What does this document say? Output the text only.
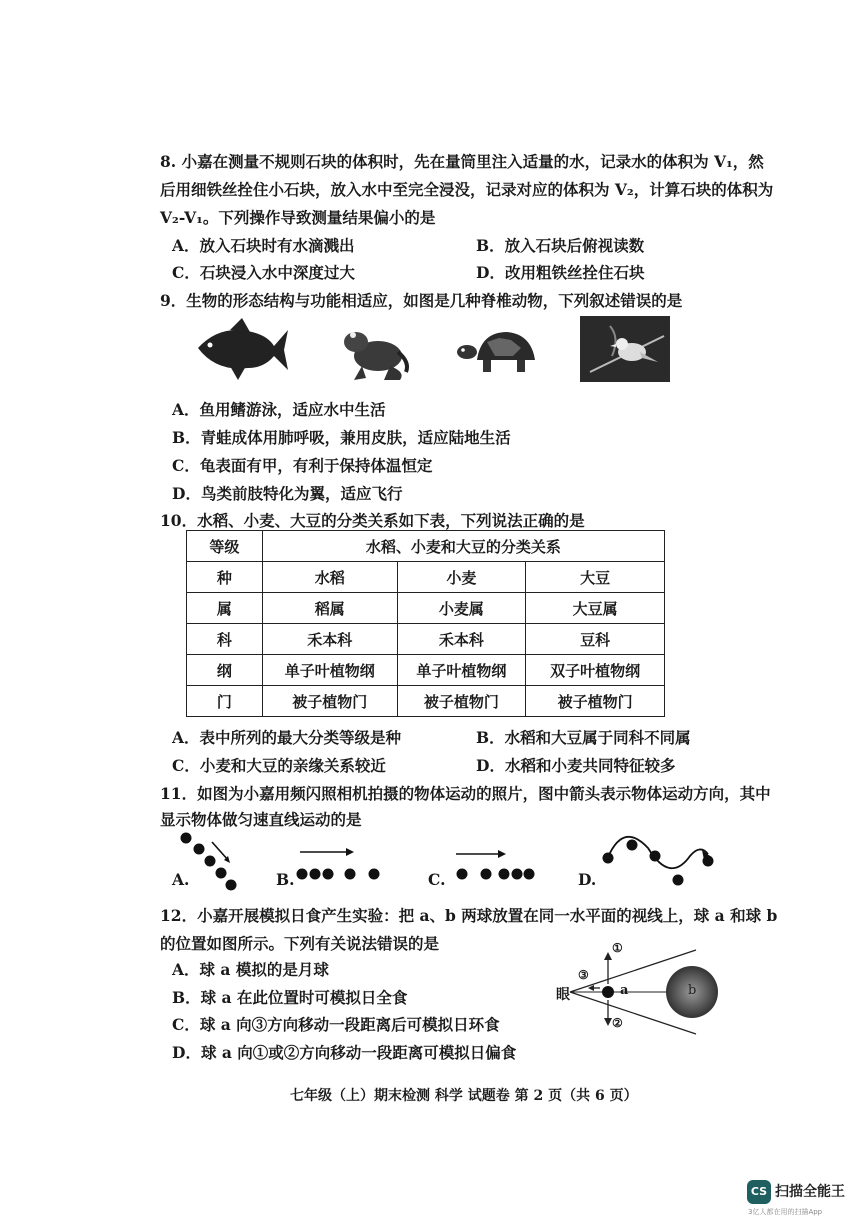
8. 小嘉在测量不规则石块的体积时，先在量筒里注入适量的水，记录水的体积为 V₁，然
后用细铁丝拴住小石块，放入水中至完全浸没，记录对应的体积为 V₂，计算石块的体积为
V₂-V₁。下列操作导致测量结果偏小的是
A．放入石块时有水滴溅出	B．放入石块后俯视读数
C．石块浸入水中深度过大	D．改用粗铁丝拴住石块
9．生物的形态结构与功能相适应，如图是几种脊椎动物，下列叙述错误的是
A．鱼用鳍游泳，适应水中生活
B．青蛙成体用肺呼吸，兼用皮肤，适应陆地生活
C．龟表面有甲，有利于保持体温恒定
D．鸟类前肢特化为翼，适应飞行
10．水稻、小麦、大豆的分类关系如下表，下列说法正确的是
等级	水稻、小麦和大豆的分类关系		
种	水稻	小麦	大豆
属	稻属	小麦属	大豆属
科	禾本科	禾本科	豆科
纲	单子叶植物纲	单子叶植物纲	双子叶植物纲
门	被子植物门	被子植物门	被子植物门
A．表中所列的最大分类等级是种	B．水稻和大豆属于同科不同属
C．小麦和大豆的亲缘关系较近	D．水稻和小麦共同特征较多
11．如图为小嘉用频闪照相机拍摄的物体运动的照片，图中箭头表示物体运动方向，其中
显示物体做匀速直线运动的是
A.	B.	C.	D.
12．小嘉开展模拟日食产生实验：把 a、b 两球放置在同一水平面的视线上，球 a 和球 b
的位置如图所示。下列有关说法错误的是
A．球 a 模拟的是月球
B．球 a 在此位置时可模拟日全食
C．球 a 向③方向移动一段距离后可模拟日环食
D．球 a 向①或②方向移动一段距离可模拟日偏食
眼	a	b
①
②
③
七年级（上）期末检测 科学 试题卷 第 2 页（共 6 页）
CS 扫描全能王
3亿人都在用的扫描App
